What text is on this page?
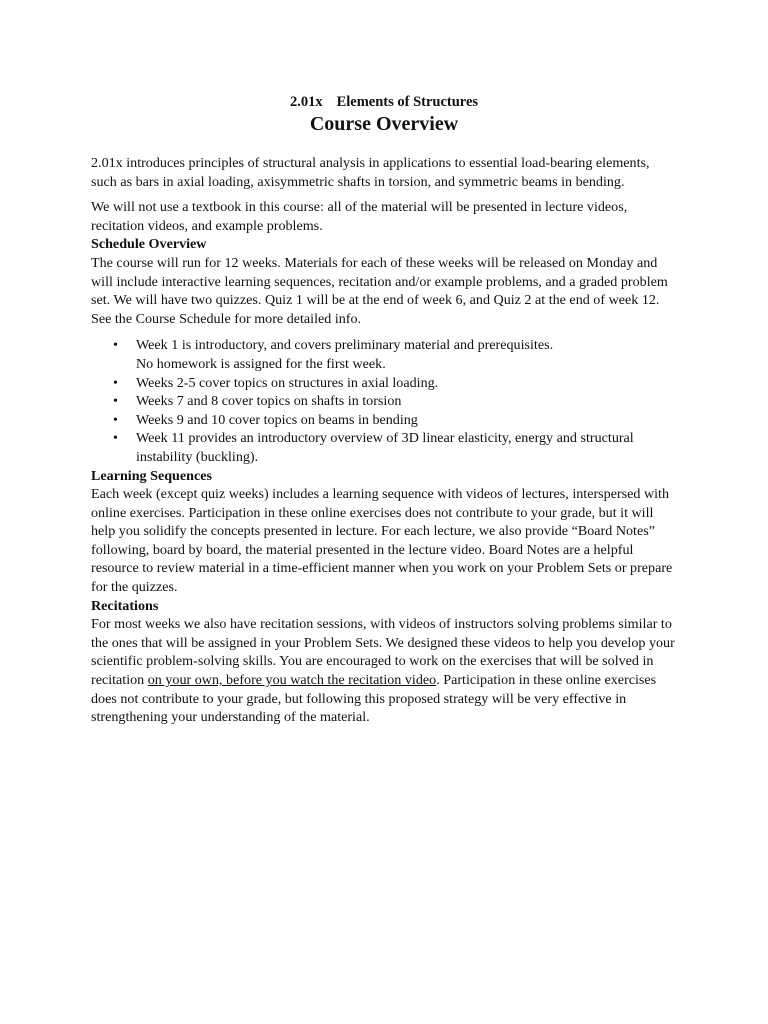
2.01x Elements of Structures
Course Overview

2.01x introduces principles of structural analysis in applications to essential load-bearing elements, such as bars in axial loading, axisymmetric shafts in torsion, and symmetric beams in bending.

We will not use a textbook in this course: all of the material will be presented in lecture videos, recitation videos, and example problems.

Schedule Overview

The course will run for 12 weeks. Materials for each of these weeks will be released on Monday and will include interactive learning sequences, recitation and/or example problems, and a graded problem set. We will have two quizzes. Quiz 1 will be at the end of week 6, and Quiz 2 at the end of week 12. See the Course Schedule for more detailed info.

• Week 1 is introductory, and covers preliminary material and prerequisites.
No homework is assigned for the first week.
• Weeks 2-5 cover topics on structures in axial loading.
• Weeks 7 and 8 cover topics on shafts in torsion
• Weeks 9 and 10 cover topics on beams in bending
• Week 11 provides an introductory overview of 3D linear elasticity, energy and structural instability (buckling).

Learning Sequences

Each week (except quiz weeks) includes a learning sequence with videos of lectures, interspersed with online exercises. Participation in these online exercises does not contribute to your grade, but it will help you solidify the concepts presented in lecture. For each lecture, we also provide “Board Notes” following, board by board, the material presented in the lecture video. Board Notes are a helpful resource to review material in a time-efficient manner when you work on your Problem Sets or prepare for the quizzes.

Recitations

For most weeks we also have recitation sessions, with videos of instructors solving problems similar to the ones that will be assigned in your Problem Sets. We designed these videos to help you develop your scientific problem-solving skills. You are encouraged to work on the exercises that will be solved in recitation on your own, before you watch the recitation video. Participation in these online exercises does not contribute to your grade, but following this proposed strategy will be very effective in strengthening your understanding of the material.
